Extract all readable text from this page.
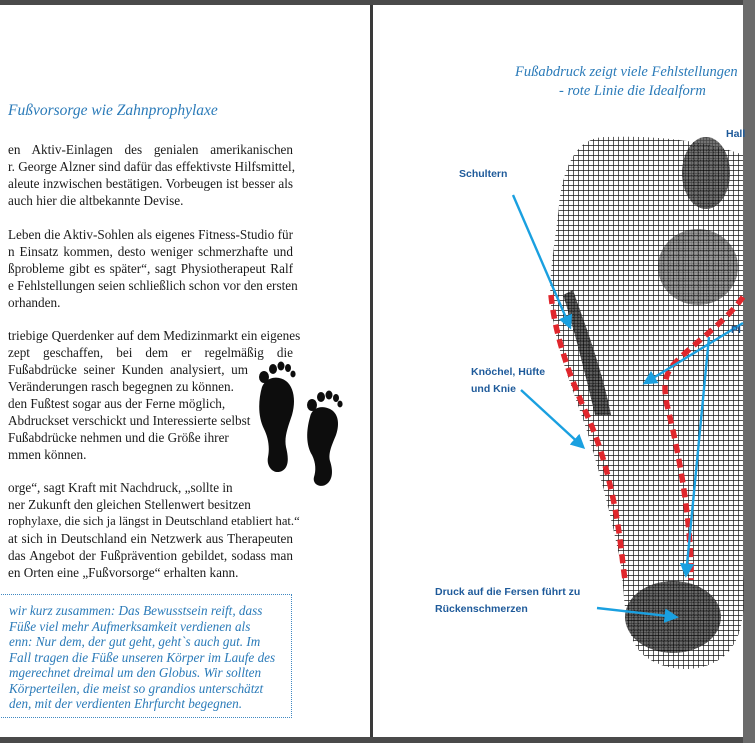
Fußvorsorge wie Zahnprophylaxe

en Aktiv-Einlagen des genialen amerikanischen
r. George Alzner sind dafür das effektivste Hilfsmittel,
aleute inzwischen bestätigen. Vorbeugen ist besser als
auch hier die altbekannte Devise.

Leben die Aktiv-Sohlen als eigenes Fitness-Studio für
n Einsatz kommen, desto weniger schmerzhafte und
ßprobleme gibt es später“, sagt Physiotherapeut Ralf
e Fehlstellungen seien schließlich schon vor den ersten
orhanden.

triebige Querdenker auf dem Medizinmarkt ein eigenes
zept geschaffen, bei dem er regelmäßig die
Fußabdrücke seiner Kunden analysiert, um
Veränderungen rasch begegnen zu können.
den Fußtest sogar aus der Ferne möglich,
Abdruckset verschickt und Interessierte selbst
Fußabdrücke nehmen und die Größe ihrer
mmen können.

orge“, sagt Kraft mit Nachdruck, „sollte in
ner Zukunft den gleichen Stellenwert besitzen
rophylaxe, die sich ja längst in Deutschland etabliert hat.“
at sich in Deutschland ein Netzwerk aus Therapeuten
das Angebot der Fußprävention gebildet, sodass man
en Orten eine „Fußvorsorge“ erhalten kann.

wir kurz zusammen: Das Bewusstsein reift, dass
Füße viel mehr Aufmerksamkeit verdienen als
enn: Nur dem, der gut geht, geht`s auch gut. Im
Fall tragen die Füße unseren Körper im Laufe des
mgerechnet dreimal um den Globus. Wir sollten
Körperteilen, die meist so grandios unterschätzt
den, mit der verdienten Ehrfurcht begegnen.
Fußabdruck zeigt viele Fehlstellungen
- rote Linie die Idealform
Hall
Schultern
Pl
Knöchel, Hüfte
und Knie
Druck auf die Fersen führt zu
Rückenschmerzen
